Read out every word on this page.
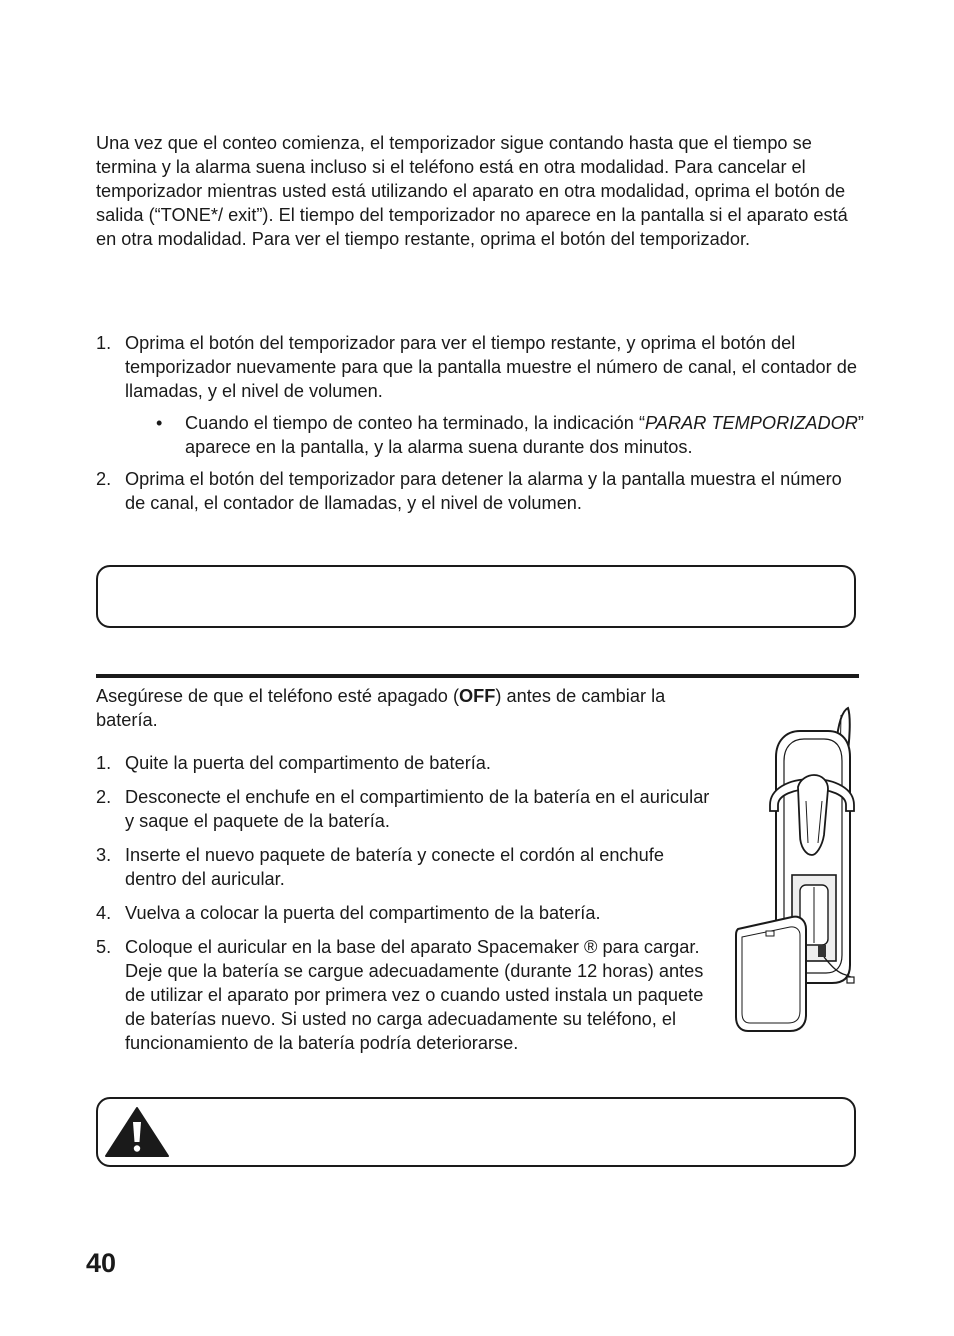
Una vez que el conteo comienza, el temporizador sigue contando hasta que el tiempo se termina y la alarma suena incluso si el teléfono está en otra modalidad. Para cancelar el temporizador mientras usted está utilizando el aparato en otra modalidad, oprima el botón de salida (“TONE*/ exit”). El tiempo del temporizador no aparece en la pantalla si el aparato está en otra modalidad. Para ver el tiempo restante, oprima el botón del temporizador.

1. Oprima el botón del temporizador para ver el tiempo restante, y oprima el botón del temporizador nuevamente para que la pantalla muestre el número de canal, el contador de llamadas, y el nivel de volumen.
• Cuando el tiempo de conteo ha terminado, la indicación “PARAR TEMPORIZADOR” aparece en la pantalla, y la alarma suena durante dos minutos.
2. Oprima el botón del temporizador para detener la alarma y la pantalla muestra el número de canal, el contador de llamadas, y el nivel de volumen.

Asegúrese de que el teléfono esté apagado (OFF) antes de cambiar la batería.

1. Quite la puerta del compartimento de batería.
2. Desconecte el enchufe en el compartimiento de la batería en el auricular y saque el paquete de la batería.
3. Inserte el nuevo paquete de batería y conecte el cordón al enchufe dentro del auricular.
4. Vuelva a colocar la puerta del compartimento de la batería.
5. Coloque el auricular en la base del aparato Spacemaker ® para cargar. Deje que la batería se cargue adecuadamente (durante 12 horas) antes de utilizar el aparato por primera vez o cuando usted instala un paquete de baterías nuevo. Si usted no carga adecuadamente su teléfono, el funcionamiento de la batería podría deteriorarse.
40
